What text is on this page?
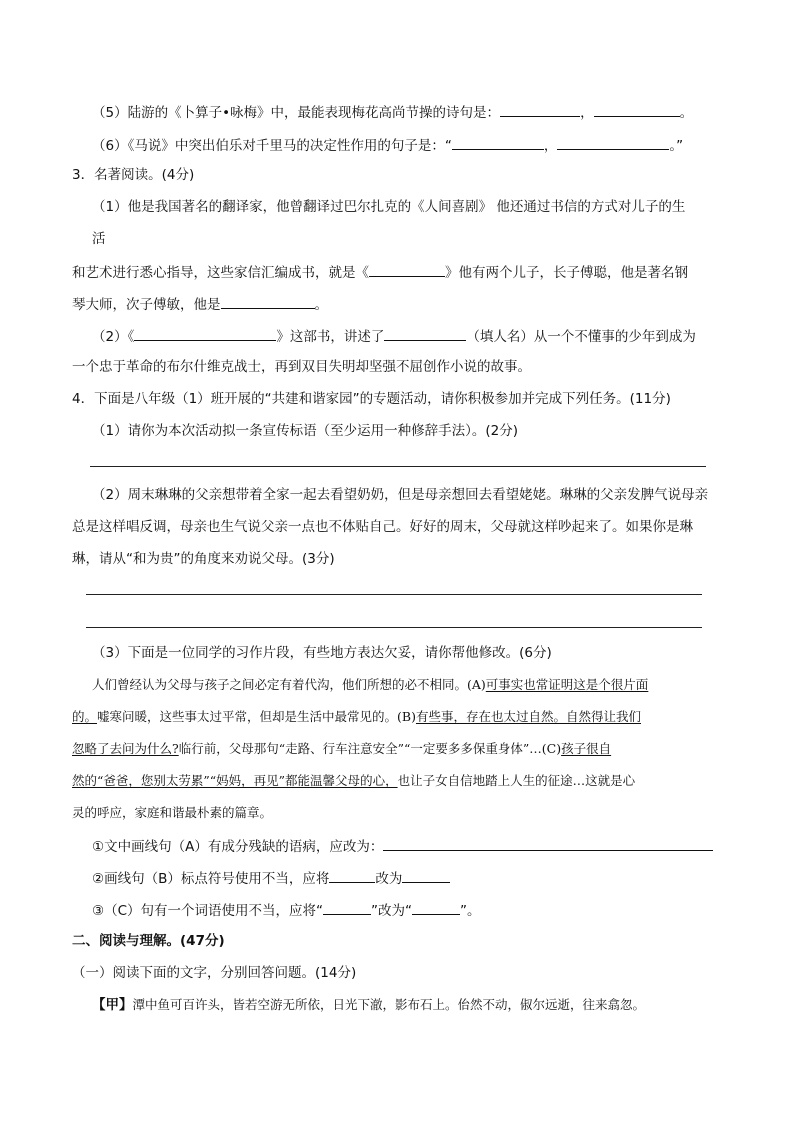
（5）陆游的《卜算子•咏梅》中，最能表现梅花高尚节操的诗句是：	，	。
（6）《马说》中突出伯乐对千里马的决定性作用的句子是：“	，	。”
3．名著阅读。(4分)
（1）他是我国著名的翻译家，他曾翻译过巴尔扎克的《人间喜剧》 他还通过书信的方式对儿子的生
活
和艺术进行悉心指导，这些家信汇编成书，就是《	》他有两个儿子，长子傅聪，他是著名钢
琴大师，次子傅敏，他是	。
（2）《	》这部书，讲述了	（填人名）从一个不懂事的少年到成为
一个忠于革命的布尔什维克战士，再到双目失明却坚强不屈创作小说的故事。
4．下面是八年级（1）班开展的“共建和谐家园”的专题活动，请你积极参加并完成下列任务。(11分)
（1）请你为本次活动拟一条宣传标语（至少运用一种修辞手法）。(2分)
（2）周末琳琳的父亲想带着全家一起去看望奶奶，但是母亲想回去看望姥姥。琳琳的父亲发脾气说母亲
总是这样唱反调，母亲也生气说父亲一点也不体贴自己。好好的周末，父母就这样吵起来了。如果你是琳
琳，请从“和为贵”的角度来劝说父母。(3分)
（3）下面是一位同学的习作片段，有些地方表达欠妥，请你帮他修改。(6分)
人们曾经认为父母与孩子之间必定有着代沟，他们所想的必不相同。(A)可事实也常证明这是个很片面
的。嘘寒问暖，这些事太过平常，但却是生活中最常见的。(B)有些事，存在也太过自然。自然得让我们
忽略了去问为什么?临行前，父母那句“走路、行车注意安全”“一定要多多保重身体”…(C)孩子很自
然的“爸爸，您别太劳累”“妈妈，再见”都能温馨父母的心，也让子女自信地踏上人生的征途…这就是心
灵的呼应，家庭和谐最朴素的篇章。
①文中画线句（A）有成分残缺的语病，应改为：
②画线句（B）标点符号使用不当，应将	改为
③（C）句有一个词语使用不当，应将“	”改为“	”。
二、阅读与理解。(47分)
（一）阅读下面的文字，分别回答问题。(14分)
【甲】潭中鱼可百许头，皆若空游无所依，日光下澈，影布石上。佁然不动，俶尔远逝，往来翕忽。
